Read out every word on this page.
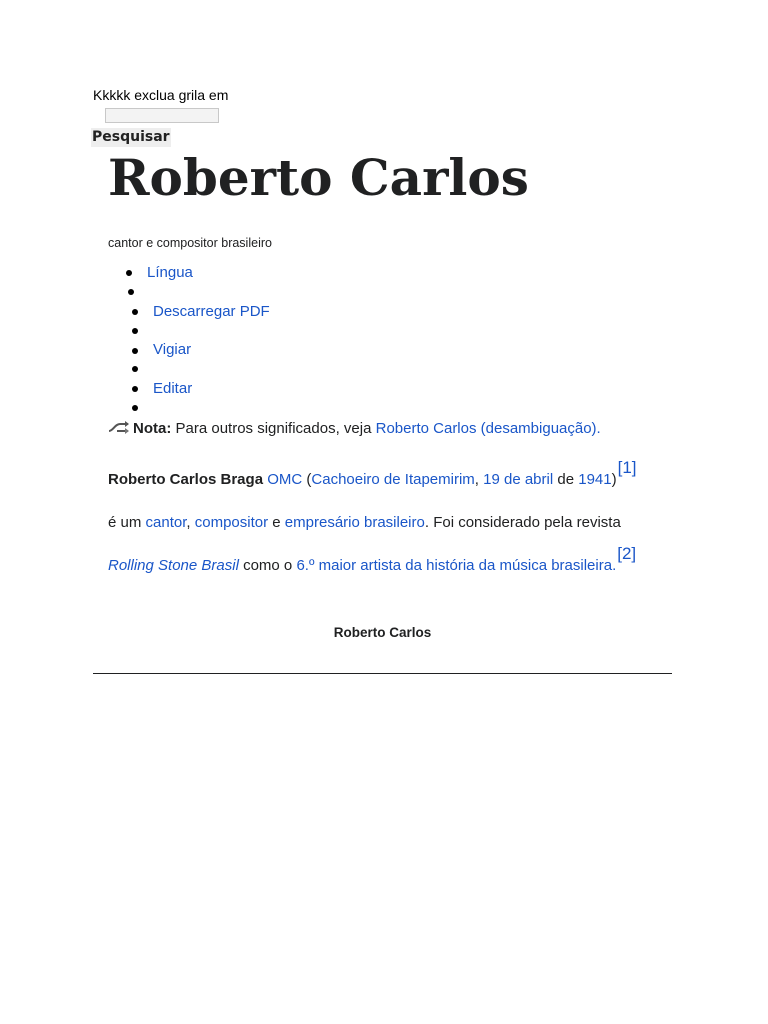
Kkkkk exclua grila em
Pesquisar
Roberto Carlos
cantor e compositor brasileiro
Língua
Descarregar PDF
Vigiar
Editar
Nota: Para outros significados, veja Roberto Carlos (desambiguação).
Roberto Carlos Braga OMC (Cachoeiro de Itapemirim, 19 de abril de 1941)[1]
é um cantor, compositor e empresário brasileiro. Foi considerado pela revista
Rolling Stone Brasil como o 6.º maior artista da história da música brasileira.[2]
Roberto Carlos
